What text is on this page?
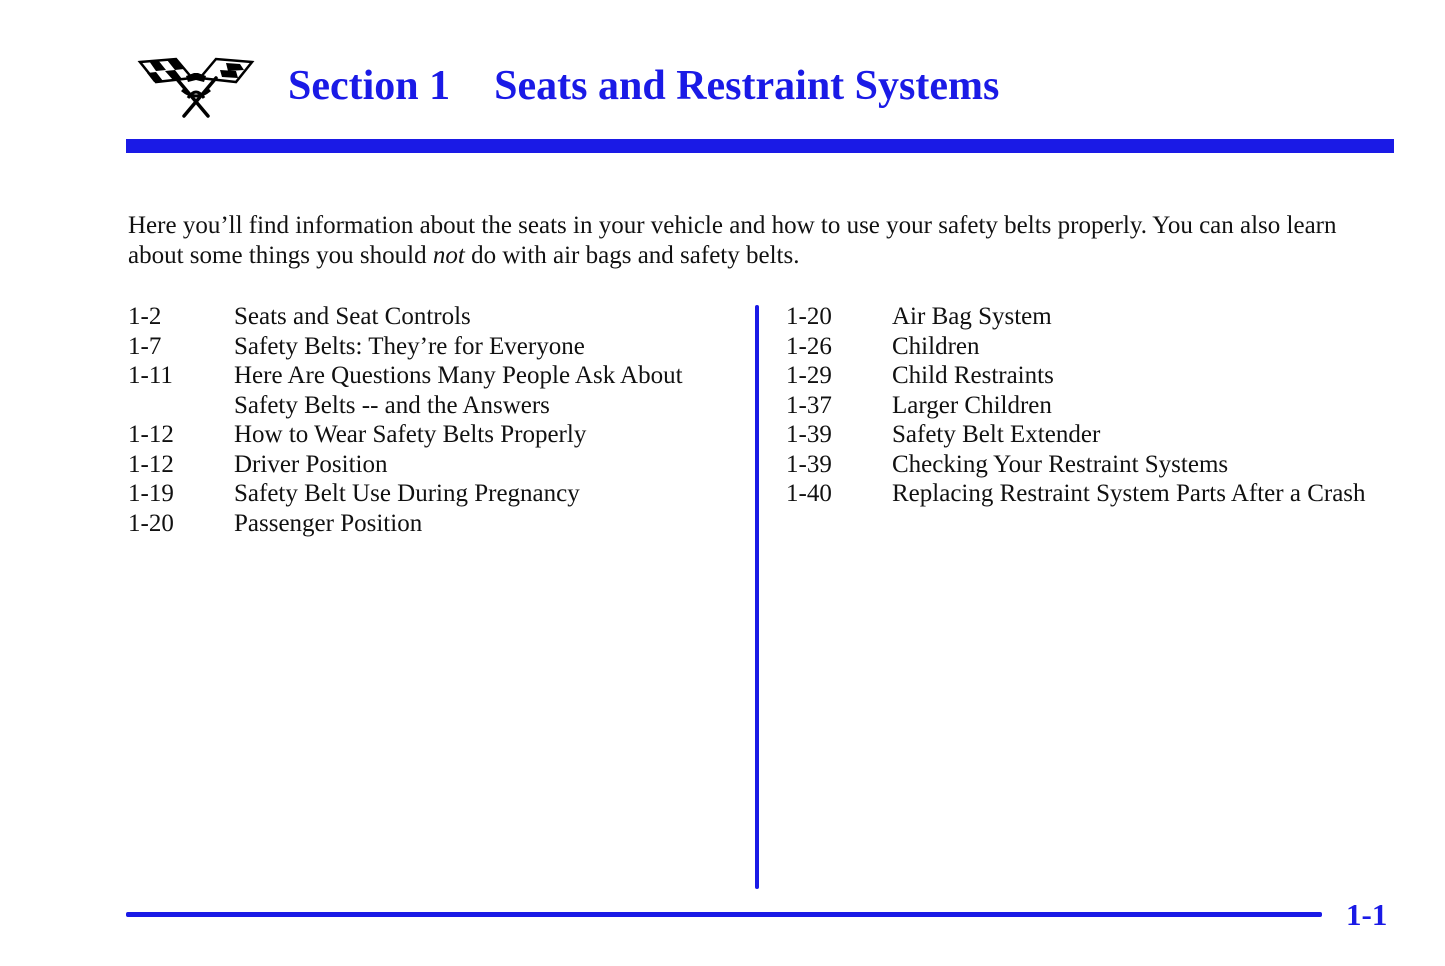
Section 1 Seats and Restraint Systems

Here you’ll find information about the seats in your vehicle and how to use your safety belts properly. You can also learn about some things you should not do with air bags and safety belts.

1-2	Seats and Seat Controls
1-7	Safety Belts: They’re for Everyone
1-11	Here Are Questions Many People Ask About Safety Belts -- and the Answers
1-12	How to Wear Safety Belts Properly
1-12	Driver Position
1-19	Safety Belt Use During Pregnancy
1-20	Passenger Position
1-20	Air Bag System
1-26	Children
1-29	Child Restraints
1-37	Larger Children
1-39	Safety Belt Extender
1-39	Checking Your Restraint Systems
1-40	Replacing Restraint System Parts After a Crash
1-1
